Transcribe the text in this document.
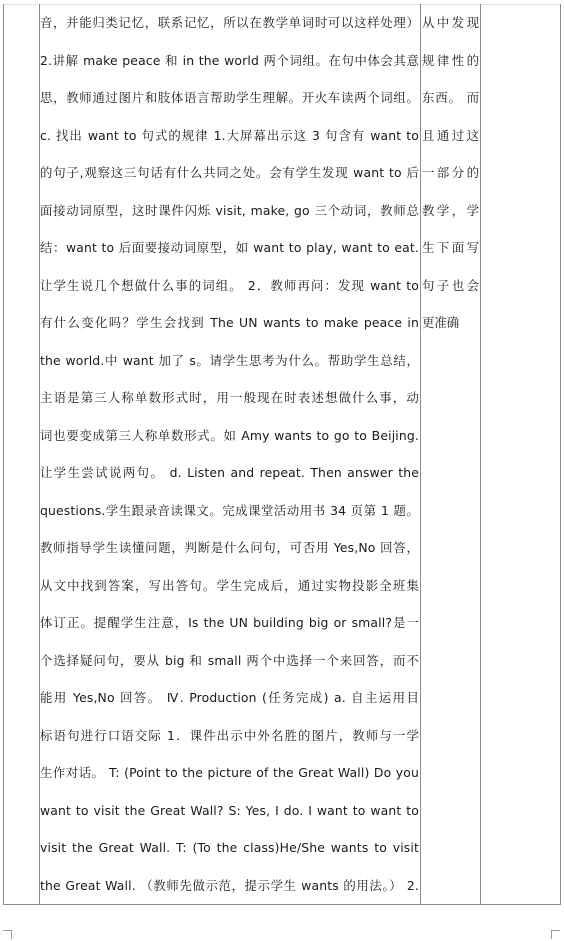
音，并能归类记忆，联系记忆，所以在教学单词时可以这样处理）
2.讲解 make peace 和 in the world 两个词组。在句中体会其意
思，教师通过图片和肢体语言帮助学生理解。开火车读两个词组。
c. 找出 want to 句式的规律 1.大屏幕出示这 3 句含有 want to
的句子,观察这三句话有什么共同之处。会有学生发现 want to 后
面接动词原型，这时课件闪烁 visit, make, go 三个动词，教师总
结：want to 后面要接动词原型，如 want to play, want to eat.
让学生说几个想做什么事的词组。 2．教师再问：发现 want to
有什么变化吗？学生会找到 The UN wants to make peace in
the world.中 want 加了 s。请学生思考为什么。帮助学生总结，
主语是第三人称单数形式时，用一般现在时表述想做什么事，动
词也要变成第三人称单数形式。如 Amy wants to go to Beijing.
让学生尝试说两句。 d. Listen and repeat. Then answer the
questions.学生跟录音读课文。完成课堂活动用书 34 页第 1 题。
教师指导学生读懂问题，判断是什么问句，可否用 Yes,No 回答，
从文中找到答案，写出答句。学生完成后，通过实物投影全班集
体订正。提醒学生注意，Is the UN building big or small?是一
个选择疑问句，要从 big 和 small 两个中选择一个来回答，而不
能用 Yes,No 回答。 Ⅳ. Production (任务完成) a. 自主运用目
标语句进行口语交际 1．课件出示中外名胜的图片，教师与一学
生作对话。 T: (Point to the picture of the Great Wall) Do you
want to visit the Great Wall? S: Yes, I do. I want to want to
visit the Great Wall. T: (To the class)He/She wants to visit
the Great Wall. （教师先做示范，提示学生 wants 的用法。） 2.
从中发现
规律性的
东西。 而
且通过这
一部分的
教学，学
生下面写
句子也会
更准确
